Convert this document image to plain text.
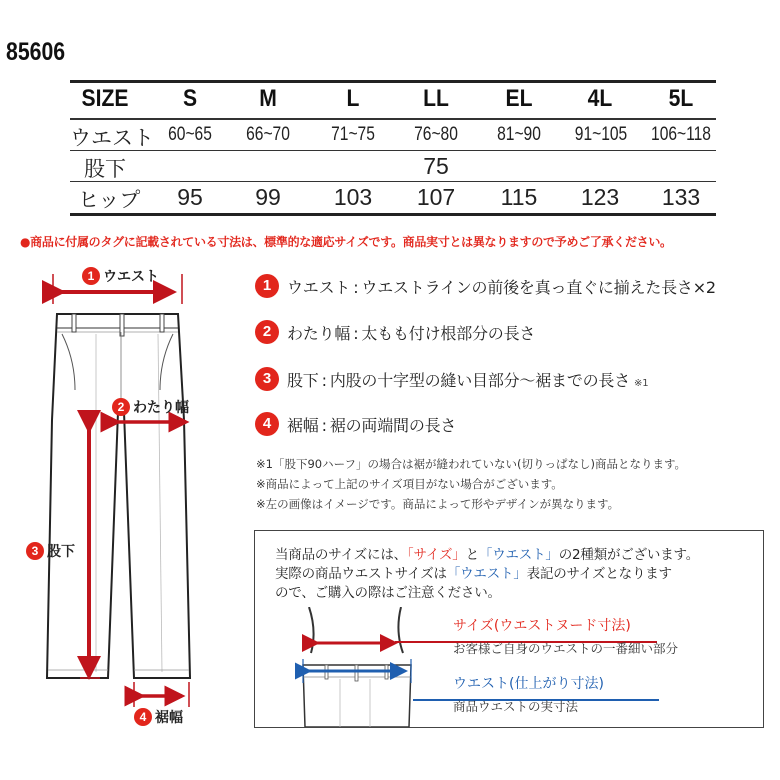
85606
SIZE	S	M	L	LL	EL	4L	5L
ウエスト 60~65	66~70	71~75	76~80	81~90	91~105	106~118
股下	75
ヒップ	95	99	103	107	115	123	133
●商品に付属のタグに記載されている寸法は、標準的な適応サイズです。商品実寸とは異なりますので予めご了承ください。
1 ウエスト
2 わたり幅
3 股下
4 裾幅
1 ウエスト : ウエストラインの前後を真っ直ぐに揃えた長さ×2
2 わたり幅 : 太もも付け根部分の長さ
3 股下 : 内股の十字型の縫い目部分～裾までの長さ ※1
4 裾幅 : 裾の両端間の長さ
※1「股下90ハーフ」の場合は裾が縫われていない(切りっぱなし)商品となります。
※商品によって上記のサイズ項目がない場合がございます。
※左の画像はイメージです。商品によって形やデザインが異なります。
当商品のサイズには、「サイズ」と「ウエスト」の2種類がございます。
実際の商品ウエストサイズは「ウエスト」表記のサイズとなります
ので、ご購入の際はご注意ください。
サイズ(ウエストヌード寸法)
お客様ご自身のウエストの一番細い部分
ウエスト(仕上がり寸法)
商品ウエストの実寸法
